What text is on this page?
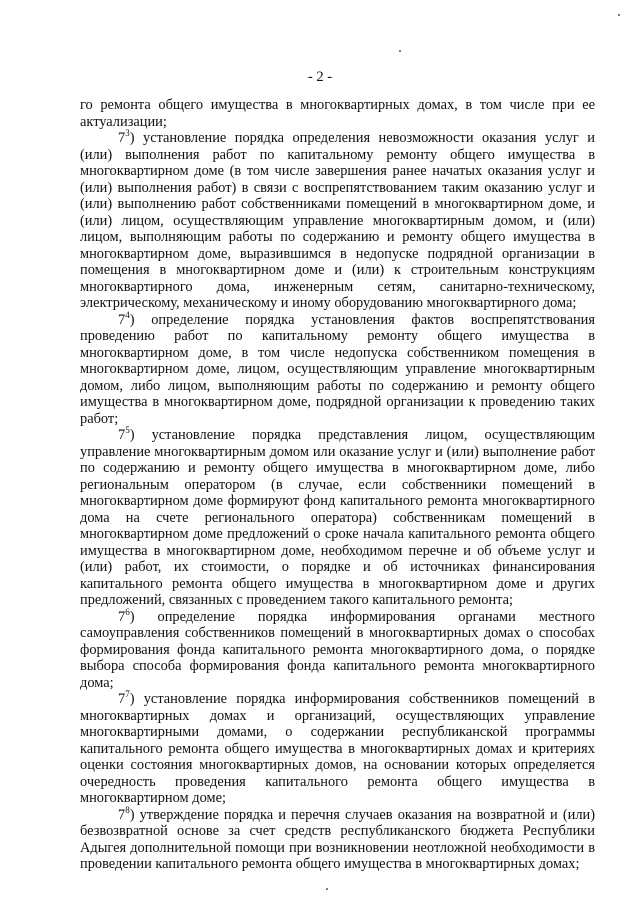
- 2 -

го ремонта общего имущества в многоквартирных домах, в том числе при ее актуализации;

$7^3$) установление порядка определения невозможности оказания услуг и (или) выполнения работ по капитальному ремонту общего имущества в многоквартирном доме (в том числе завершения ранее начатых оказания услуг и (или) выполнения работ) в связи с воспрепятствованием таким оказанию услуг и (или) выполнению работ собственниками помещений в многоквартирном доме, и (или) лицом, осуществляющим управление многоквартирным домом, и (или) лицом, выполняющим работы по содержанию и ремонту общего имущества в многоквартирном доме, выразившимся в недопуске подрядной организации в помещения в многоквартирном доме и (или) к строительным конструкциям многоквартирного дома, инженерным сетям, санитарно-техническому, электрическому, механическому и иному оборудованию многоквартирного дома;

$7^4$) определение порядка установления фактов воспрепятствования проведению работ по капитальному ремонту общего имущества в многоквартирном доме, в том числе недопуска собственником помещения в многоквартирном доме, лицом, осуществляющим управление многоквартирным домом, либо лицом, выполняющим работы по содержанию и ремонту общего имущества в многоквартирном доме, подрядной организации к проведению таких работ;

$7^5$) установление порядка представления лицом, осуществляющим управление многоквартирным домом или оказание услуг и (или) выполнение работ по содержанию и ремонту общего имущества в многоквартирном доме, либо региональным оператором (в случае, если собственники помещений в многоквартирном доме формируют фонд капитального ремонта многоквартирного дома на счете регионального оператора) собственникам помещений в многоквартирном доме предложений о сроке начала капитального ремонта общего имущества в многоквартирном доме, необходимом перечне и об объеме услуг и (или) работ, их стоимости, о порядке и об источниках финансирования капитального ремонта общего имущества в многоквартирном доме и других предложений, связанных с проведением такого капитального ремонта;

$7^6$) определение порядка информирования органами местного самоуправления собственников помещений в многоквартирных домах о способах формирования фонда капитального ремонта многоквартирного дома, о порядке выбора способа формирования фонда капитального ремонта многоквартирного дома;

$7^7$) установление порядка информирования собственников помещений в многоквартирных домах и организаций, осуществляющих управление многоквартирными домами, о содержании республиканской программы капитального ремонта общего имущества в многоквартирных домах и критериях оценки состояния многоквартирных домов, на основании которых определяется очередность проведения капитального ремонта общего имущества в многоквартирном доме;

$7^8$) утверждение порядка и перечня случаев оказания на возвратной и (или) безвозвратной основе за счет средств республиканского бюджета Республики Адыгея дополнительной помощи при возникновении неотложной необходимости в проведении капитального ремонта общего имущества в многоквартирных домах;
